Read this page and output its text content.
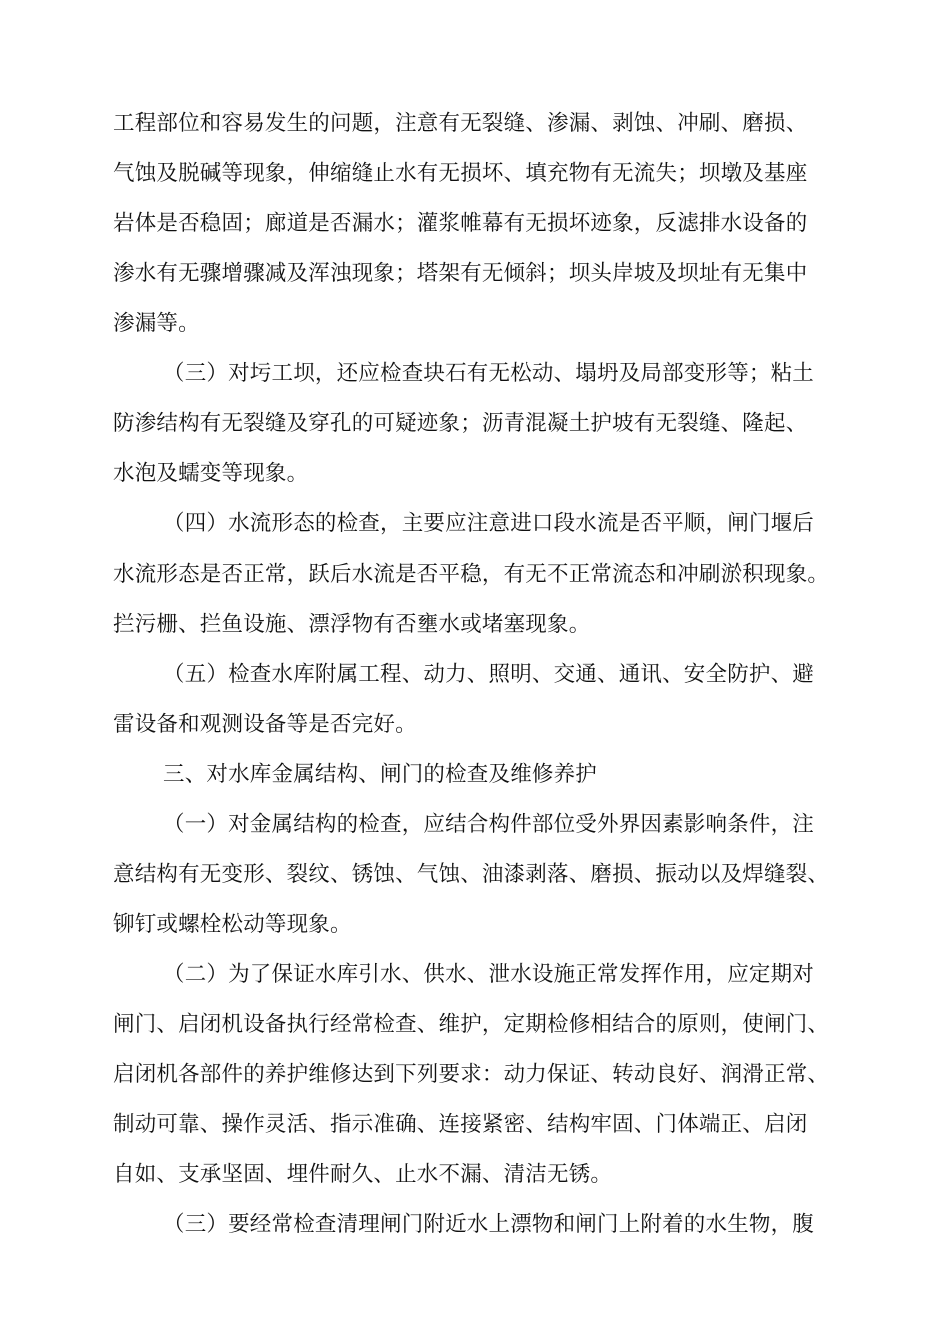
工程部位和容易发生的问题，注意有无裂缝、渗漏、剥蚀、冲刷、磨损、
气蚀及脱碱等现象，伸缩缝止水有无损坏、填充物有无流失；坝墩及基座
岩体是否稳固；廊道是否漏水；灌浆帷幕有无损坏迹象，反滤排水设备的
渗水有无骤增骤减及浑浊现象；塔架有无倾斜；坝头岸坡及坝址有无集中
渗漏等。
（三）对圬工坝，还应检查块石有无松动、塌坍及局部变形等；粘土
防渗结构有无裂缝及穿孔的可疑迹象；沥青混凝土护坡有无裂缝、隆起、
水泡及蠕变等现象。
（四）水流形态的检查，主要应注意进口段水流是否平顺，闸门堰后
水流形态是否正常，跃后水流是否平稳，有无不正常流态和冲刷淤积现象。
拦污栅、拦鱼设施、漂浮物有否壅水或堵塞现象。
（五）检查水库附属工程、动力、照明、交通、通讯、安全防护、避
雷设备和观测设备等是否完好。
三、对水库金属结构、闸门的检查及维修养护
（一）对金属结构的检查，应结合构件部位受外界因素影响条件，注
意结构有无变形、裂纹、锈蚀、气蚀、油漆剥落、磨损、振动以及焊缝裂、
铆钉或螺栓松动等现象。
（二）为了保证水库引水、供水、泄水设施正常发挥作用，应定期对
闸门、启闭机设备执行经常检查、维护，定期检修相结合的原则，使闸门、
启闭机各部件的养护维修达到下列要求：动力保证、转动良好、润滑正常、
制动可靠、操作灵活、指示准确、连接紧密、结构牢固、门体端正、启闭
自如、支承坚固、埋件耐久、止水不漏、清洁无锈。
（三）要经常检查清理闸门附近水上漂物和闸门上附着的水生物，腹
